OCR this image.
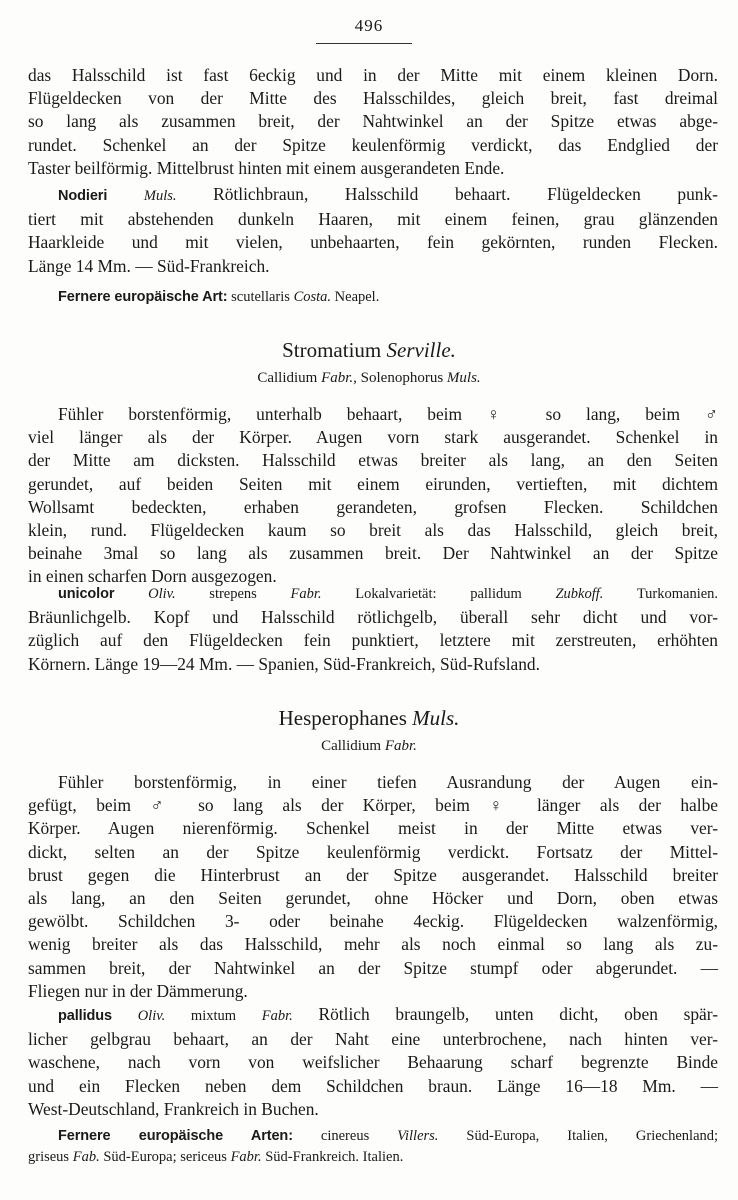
496
das Halsschild ist fast 6eckig und in der Mitte mit einem kleinen Dorn.
Flügeldecken von der Mitte des Halsschildes, gleich breit, fast dreimal
so lang als zusammen breit, der Nahtwinkel an der Spitze etwas abge-
rundet. Schenkel an der Spitze keulenförmig verdickt, das Endglied der
Taster beilförmig. Mittelbrust hinten mit einem ausgerandeten Ende.
Nodieri	Muls. Rötlichbraun, Halsschild behaart. Flügeldecken punk-
tiert mit abstehenden dunkeln Haaren, mit einem feinen, grau glänzenden
Haarkleide und mit vielen, unbehaarten, fein gekörnten, runden Flecken.
Länge 14 Mm. — Süd-Frankreich.
Fernere europäische Art: scutellaris Costa. Neapel.
Stromatium Serville.
Callidium Fabr., Solenophorus Muls.
Fühler borstenförmig, unterhalb behaart, beim ♀ so lang, beim ♂
viel länger als der Körper. Augen vorn stark ausgerandet. Schenkel in
der Mitte am dicksten. Halsschild etwas breiter als lang, an den Seiten
gerundet, auf beiden Seiten mit einem eirunden, vertieften, mit dichtem
Wollsamt bedeckten, erhaben gerandeten, grofsen Flecken. Schildchen
klein, rund. Flügeldecken kaum so breit als das Halsschild, gleich breit,
beinahe 3mal so lang als zusammen breit. Der Nahtwinkel an der Spitze
in einen scharfen Dorn ausgezogen.
unicolor Oliv. strepens Fabr. Lokalvarietät: pallidum Zubkoff. Turkomanien.
Bräunlichgelb. Kopf und Halsschild rötlichgelb, überall sehr dicht und vor-
züglich auf den Flügeldecken fein punktiert, letztere mit zerstreuten, erhöhten
Körnern. Länge 19—24 Mm. — Spanien, Süd-Frankreich, Süd-Rufsland.
Hesperophanes Muls.
Callidium Fabr.
Fühler borstenförmig, in einer tiefen Ausrandung der Augen ein-
gefügt, beim ♂ so lang als der Körper, beim ♀ länger als der halbe
Körper. Augen nierenförmig. Schenkel meist in der Mitte etwas ver-
dickt, selten an der Spitze keulenförmig verdickt. Fortsatz der Mittel-
brust gegen die Hinterbrust an der Spitze ausgerandet. Halsschild breiter
als lang, an den Seiten gerundet, ohne Höcker und Dorn, oben etwas
gewölbt. Schildchen 3- oder beinahe 4eckig. Flügeldecken walzenförmig,
wenig breiter als das Halsschild, mehr als noch einmal so lang als zu-
sammen breit, der Nahtwinkel an der Spitze stumpf oder abgerundet. —
Fliegen nur in der Dämmerung.
pallidus Oliv. mixtum Fabr. Rötlich braungelb, unten dicht, oben spär-
licher gelbgrau behaart, an der Naht eine unterbrochene, nach hinten ver-
waschene, nach vorn von weifslicher Behaarung scharf begrenzte Binde
und ein Flecken neben dem Schildchen braun. Länge 16—18 Mm. —
West-Deutschland, Frankreich in Buchen.
Fernere europäische Arten: cinereus Villers. Süd-Europa, Italien, Griechenland;
griseus Fab. Süd-Europa; sericeus Fabr. Süd-Frankreich. Italien.
